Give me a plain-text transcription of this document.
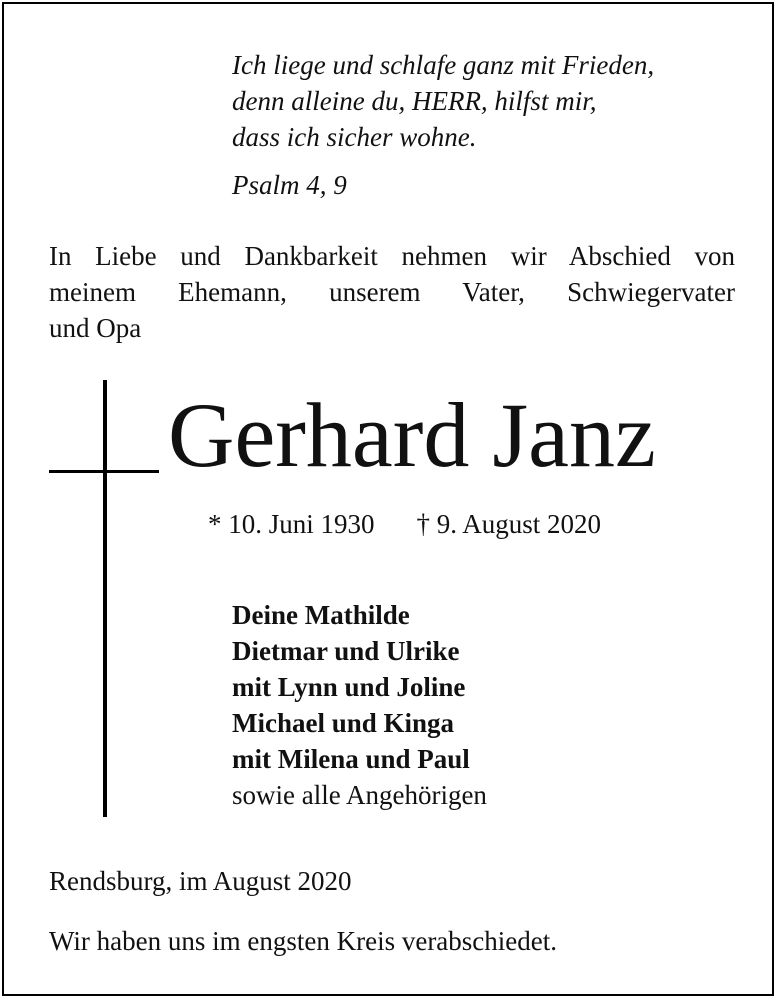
Ich liege und schlafe ganz mit Frieden,
denn alleine du, HERR, hilfst mir,
dass ich sicher wohne.
Psalm 4, 9
In Liebe und Dankbarkeit nehmen wir Abschied von
meinem Ehemann, unserem Vater, Schwiegervater
und Opa
Gerhard Janz
* 10. Juni 1930 † 9. August 2020
Deine Mathilde
Dietmar und Ulrike
mit Lynn und Joline
Michael und Kinga
mit Milena und Paul
sowie alle Angehörigen
Rendsburg, im August 2020
Wir haben uns im engsten Kreis verabschiedet.
